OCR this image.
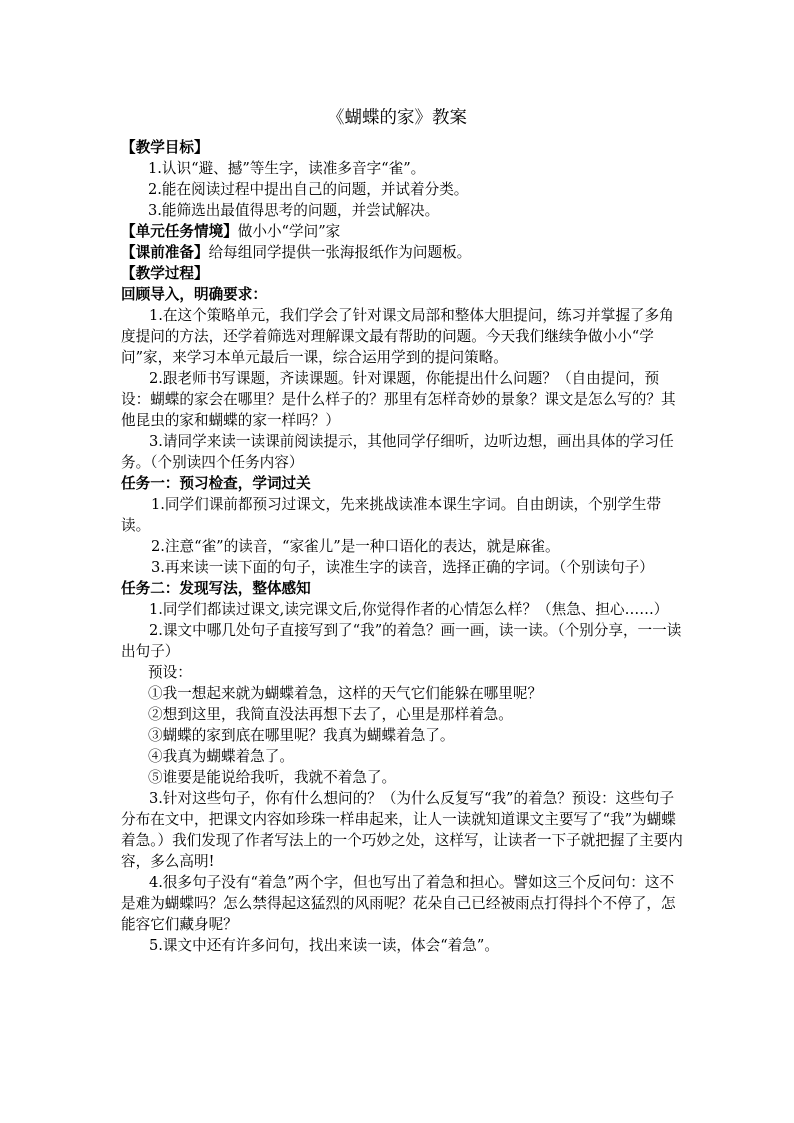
《蝴蝶的家》教案

【教学目标】

1.认识“避、撼”等生字，读准多音字“雀”。

2.能在阅读过程中提出自己的问题，并试着分类。

3.能筛选出最值得思考的问题，并尝试解决。

【单元任务情境】做小小“学问”家

【课前准备】给每组同学提供一张海报纸作为问题板。

【教学过程】

回顾导入，明确要求：

1.在这个策略单元，我们学会了针对课文局部和整体大胆提问，练习并掌握了多角度提问的方法，还学着筛选对理解课文最有帮助的问题。今天我们继续争做小小“学问”家，来学习本单元最后一课，综合运用学到的提问策略。

2.跟老师书写课题，齐读课题。针对课题，你能提出什么问题？（自由提问，预设：蝴蝶的家会在哪里？是什么样子的？那里有怎样奇妙的景象？课文是怎么写的？其他昆虫的家和蝴蝶的家一样吗？）

3.请同学来读一读课前阅读提示，其他同学仔细听，边听边想，画出具体的学习任务。（个别读四个任务内容）

任务一：预习检查，学词过关

1.同学们课前都预习过课文，先来挑战读准本课生字词。自由朗读，个别学生带读。

2.注意“雀”的读音，“家雀儿”是一种口语化的表达，就是麻雀。

3.再来读一读下面的句子，读准生字的读音，选择正确的字词。（个别读句子）

任务二：发现写法，整体感知

1.同学们都读过课文,读完课文后,你觉得作者的心情怎么样？（焦急、担心……）

2.课文中哪几处句子直接写到了“我”的着急？画一画，读一读。（个别分享，一一读出句子）

预设：

①我一想起来就为蝴蝶着急，这样的天气它们能躲在哪里呢？

②想到这里，我简直没法再想下去了，心里是那样着急。

③蝴蝶的家到底在哪里呢？我真为蝴蝶着急了。

④我真为蝴蝶着急了。

⑤谁要是能说给我听，我就不着急了。

3.针对这些句子，你有什么想问的？（为什么反复写“我”的着急？预设：这些句子分布在文中，把课文内容如珍珠一样串起来，让人一读就知道课文主要写了“我”为蝴蝶着急。）我们发现了作者写法上的一个巧妙之处，这样写，让读者一下子就把握了主要内容，多么高明!

4.很多句子没有“着急”两个字，但也写出了着急和担心。譬如这三个反问句：这不是难为蝴蝶吗？怎么禁得起这猛烈的风雨呢？花朵自己已经被雨点打得抖个不停了，怎能容它们藏身呢？

5.课文中还有许多问句，找出来读一读，体会“着急”。
